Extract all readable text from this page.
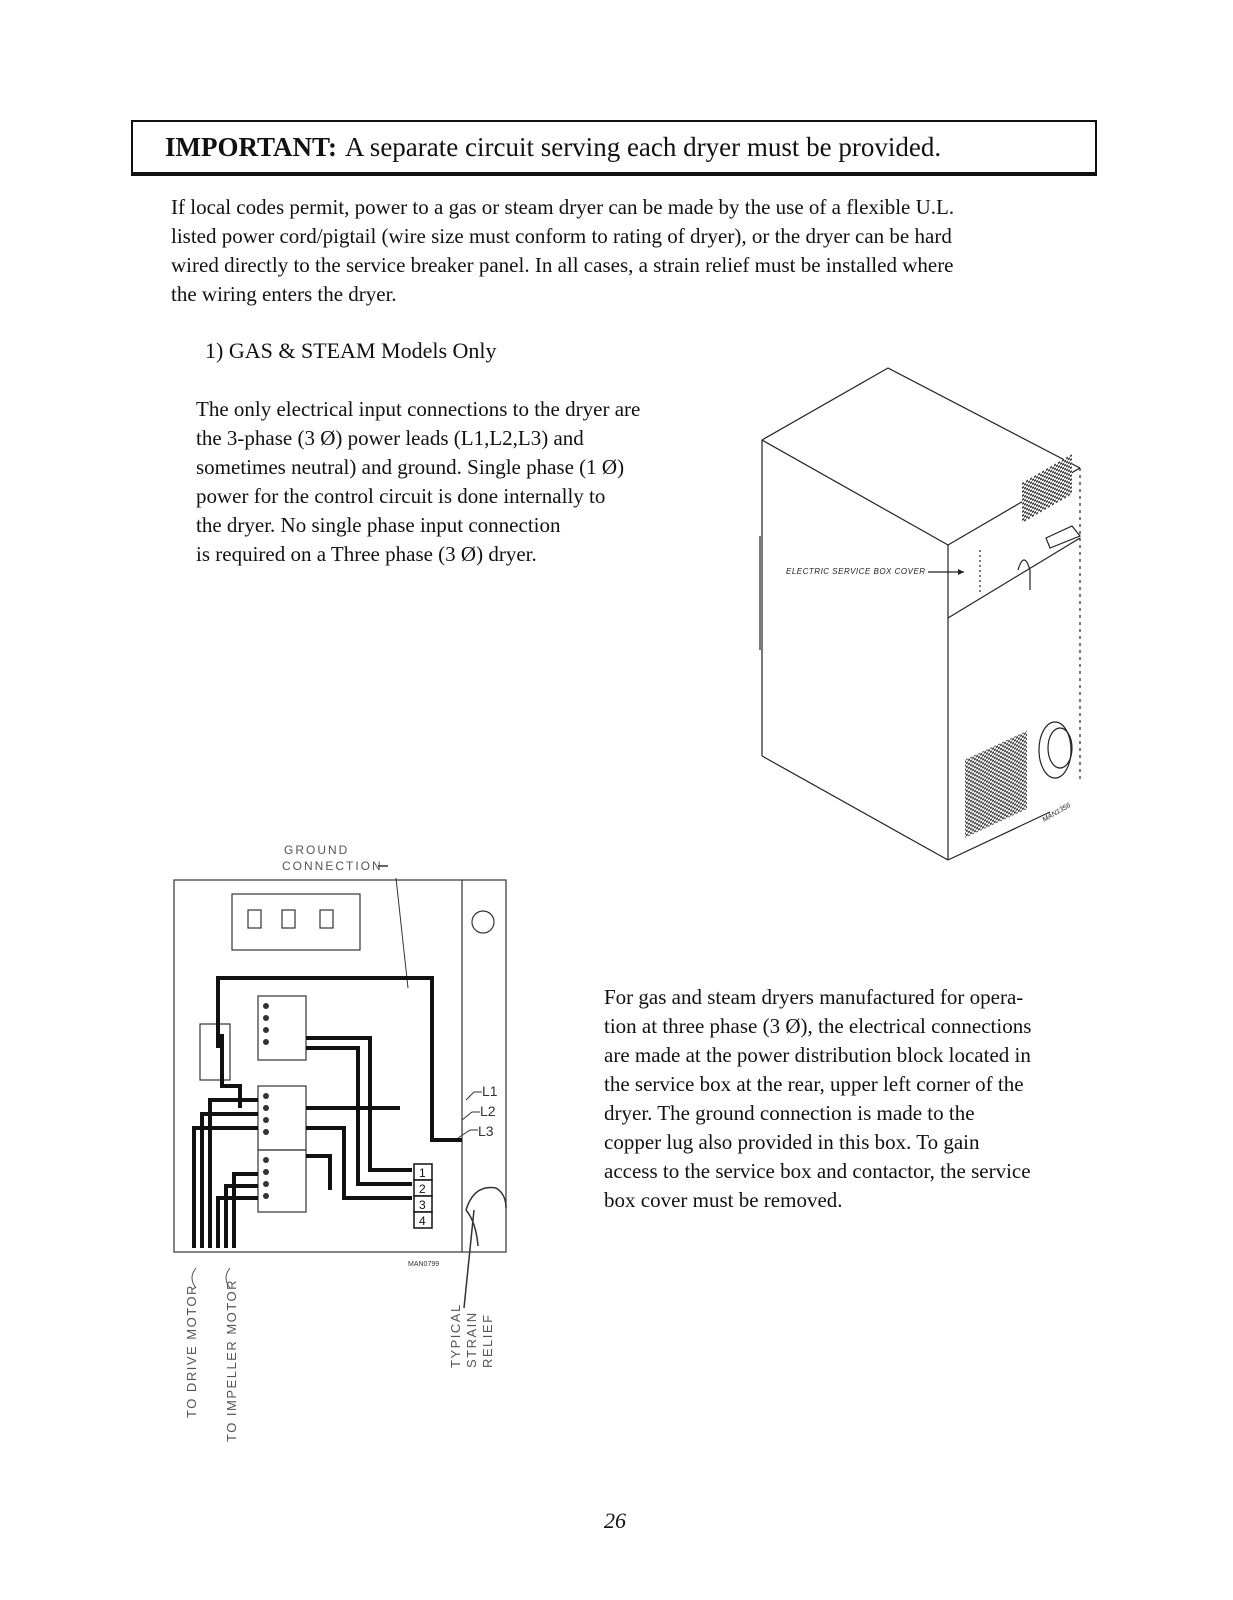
IMPORTANT: A separate circuit serving each dryer must be provided.
If local codes permit, power to a gas or steam dryer can be made by the use of a flexible U.L.
listed power cord/pigtail (wire size must conform to rating of dryer), or the dryer can be hard
wired directly to the service breaker panel. In all cases, a strain relief must be installed where
the wiring enters the dryer.
1) GAS & STEAM Models Only
The only electrical input connections to the dryer are
the 3-phase (3 Ø) power leads (L1,L2,L3) and
sometimes neutral) and ground. Single phase (1 Ø)
power for the control circuit is done internally to
the dryer. No single phase input connection
is required on a Three phase (3 Ø) dryer.
ELECTRIC SERVICE BOX COVER
MAN1356
GROUND
CONNECTION
1
2
3
4
L1
L2
L3
MAN0799
TO DRIVE MOTOR TO IMPELLER MOTOR	TYPICAL STRAIN RELIEF
For gas and steam dryers manufactured for opera-
tion at three phase (3 Ø), the electrical connections
are made at the power distribution block located in
the service box at the rear, upper left corner of the
dryer. The ground connection is made to the
copper lug also provided in this box. To gain
access to the service box and contactor, the service
box cover must be removed.
26
